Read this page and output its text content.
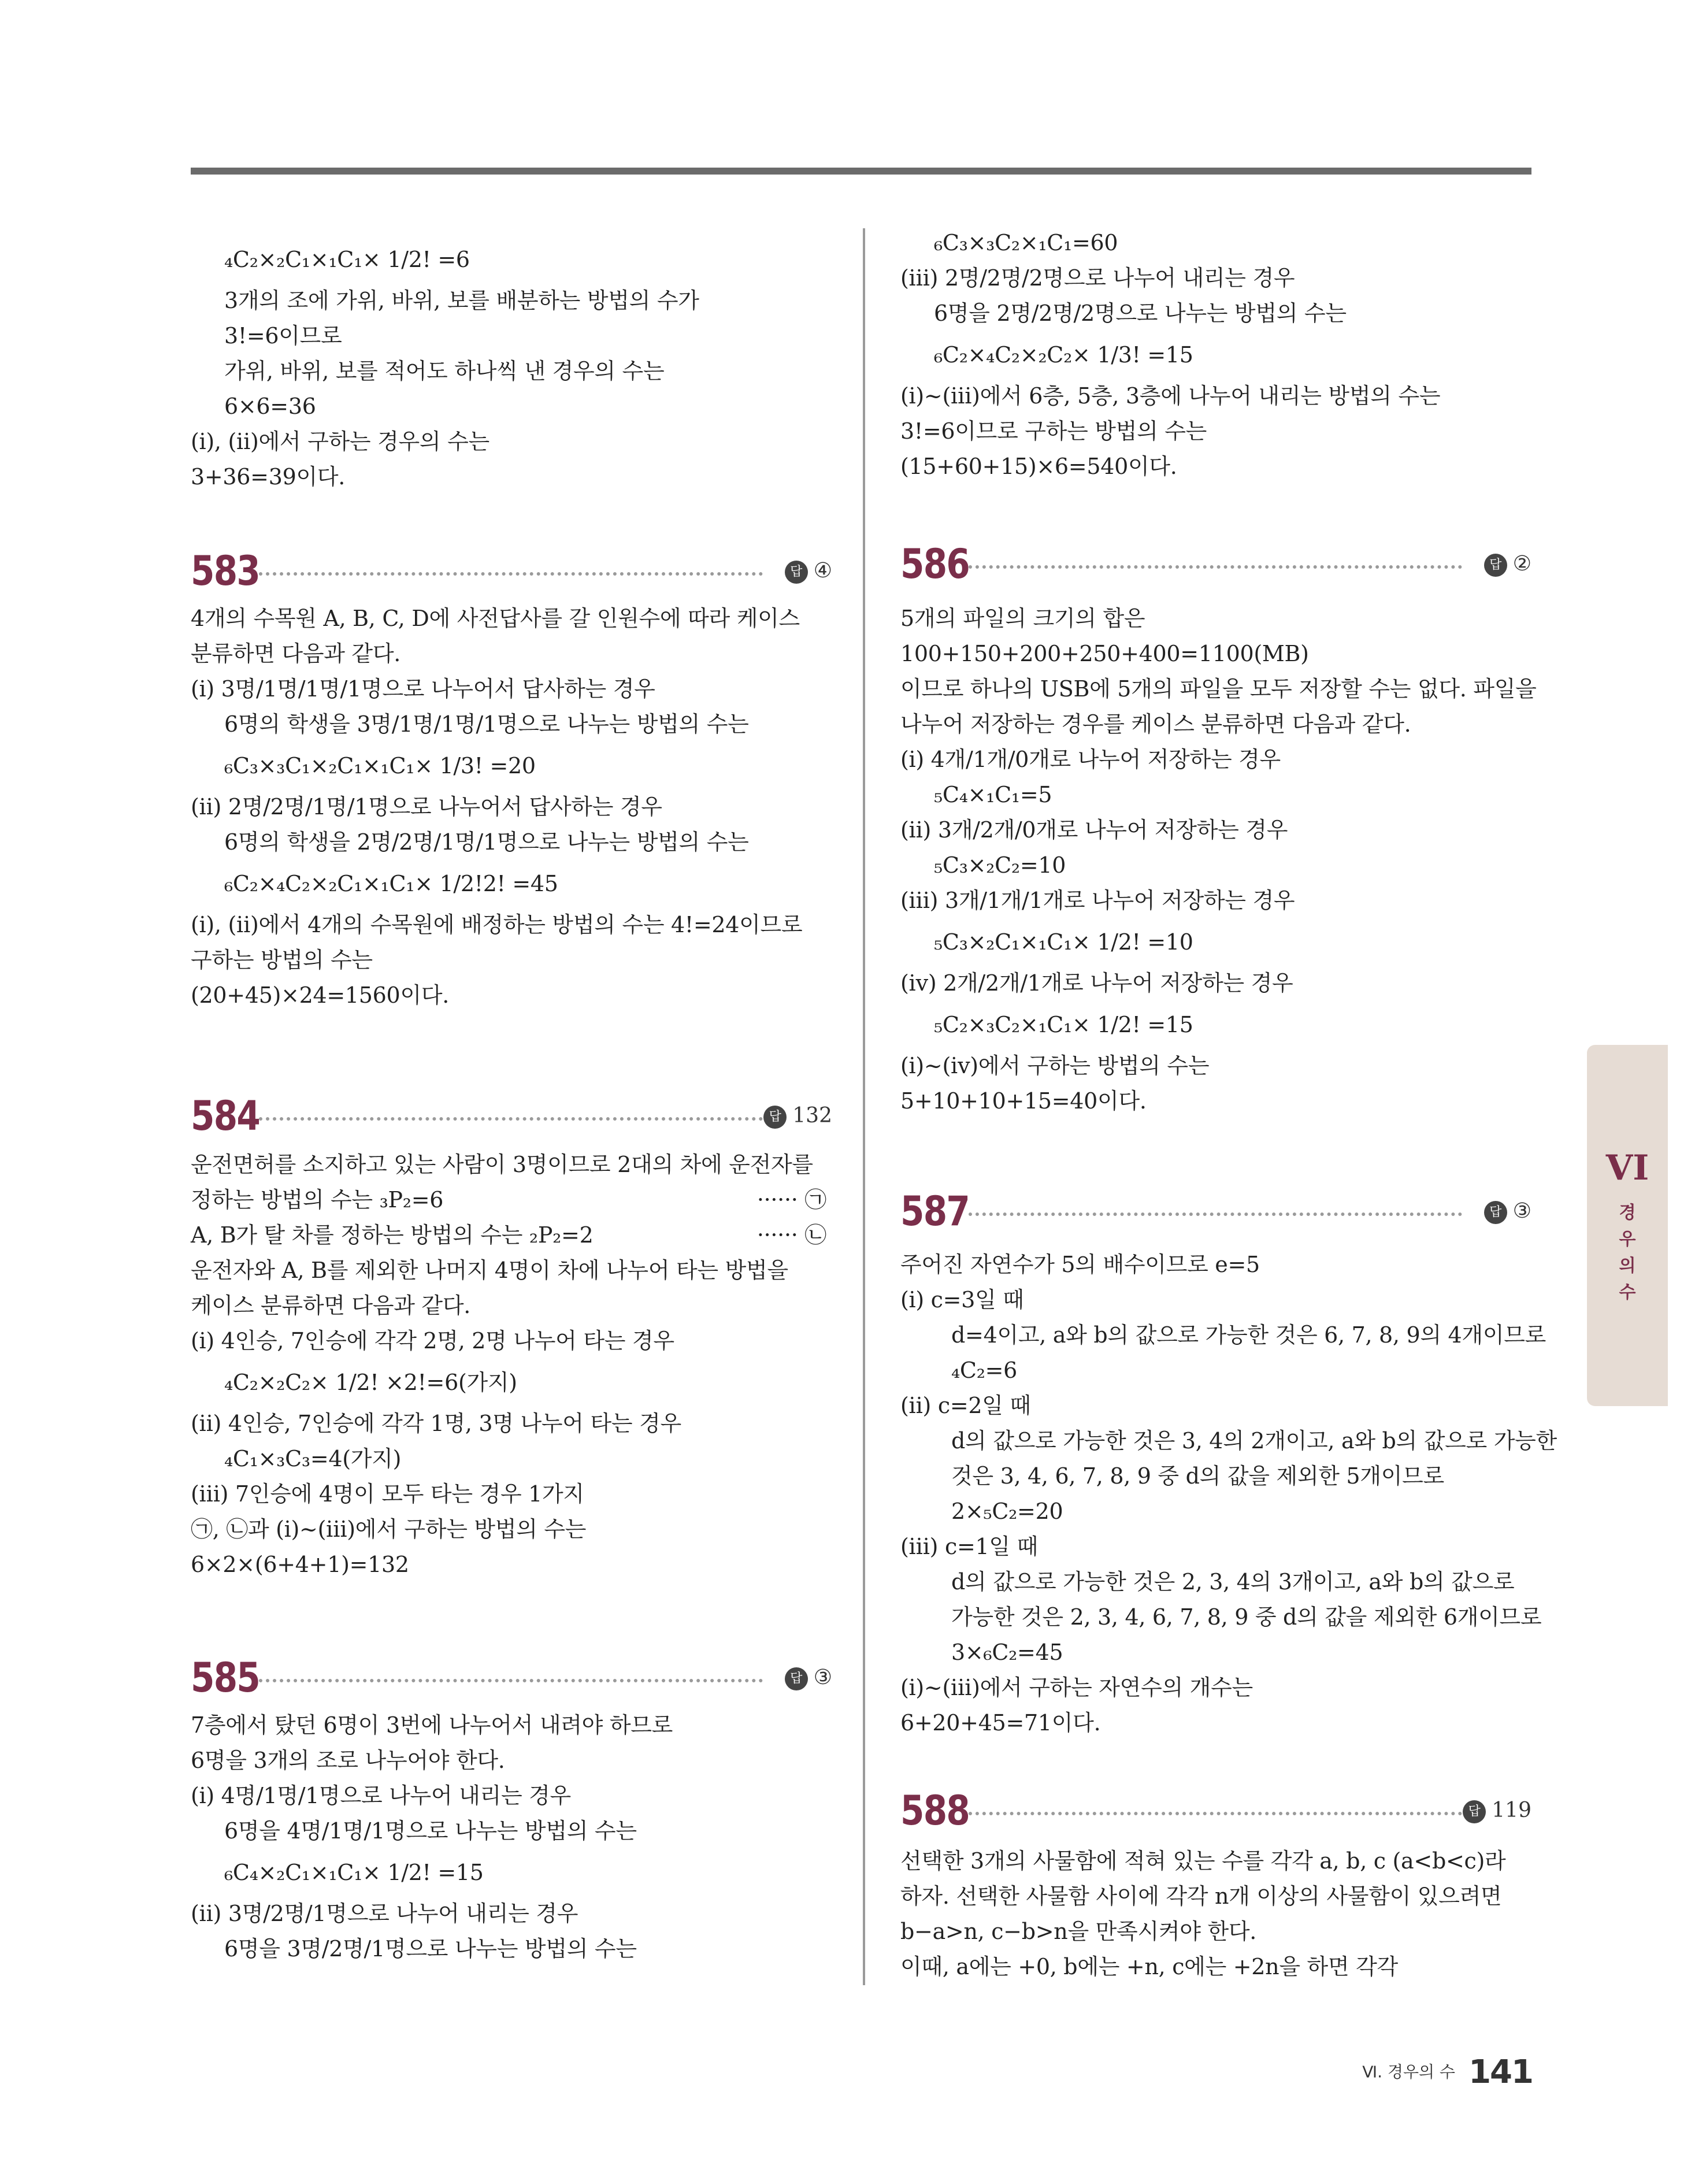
₄C₂×₂C₁×₁C₁× 1/2! =6
3개의 조에 가위, 바위, 보를 배분하는 방법의 수가
3!=6이므로
가위, 바위, 보를 적어도 하나씩 낸 경우의 수는
6×6=36
(ⅰ), (ⅱ)에서 구하는 경우의 수는
3+36=39이다.
583	답 ④
4개의 수목원 A, B, C, D에 사전답사를 갈 인원수에 따라 케이스
분류하면 다음과 같다.
(ⅰ) 3명/1명/1명/1명으로 나누어서 답사하는 경우
6명의 학생을 3명/1명/1명/1명으로 나누는 방법의 수는
₆C₃×₃C₁×₂C₁×₁C₁× 1/3! =20
(ⅱ) 2명/2명/1명/1명으로 나누어서 답사하는 경우
6명의 학생을 2명/2명/1명/1명으로 나누는 방법의 수는
₆C₂×₄C₂×₂C₁×₁C₁× 1/2!2! =45
(ⅰ), (ⅱ)에서 4개의 수목원에 배정하는 방법의 수는 4!=24이므로
구하는 방법의 수는
(20+45)×24=1560이다.
584	답 132
운전면허를 소지하고 있는 사람이 3명이므로 2대의 차에 운전자를
정하는 방법의 수는 ₃P₂=6	······ ㉠
A, B가 탈 차를 정하는 방법의 수는 ₂P₂=2	······ ㉡
운전자와 A, B를 제외한 나머지 4명이 차에 나누어 타는 방법을
케이스 분류하면 다음과 같다.
(ⅰ) 4인승, 7인승에 각각 2명, 2명 나누어 타는 경우
₄C₂×₂C₂× 1/2! ×2!=6(가지)
(ⅱ) 4인승, 7인승에 각각 1명, 3명 나누어 타는 경우
₄C₁×₃C₃=4(가지)
(ⅲ) 7인승에 4명이 모두 타는 경우 1가지
㉠, ㉡과 (ⅰ)~(ⅲ)에서 구하는 방법의 수는
6×2×(6+4+1)=132
585	답 ③
7층에서 탔던 6명이 3번에 나누어서 내려야 하므로
6명을 3개의 조로 나누어야 한다.
(ⅰ) 4명/1명/1명으로 나누어 내리는 경우
6명을 4명/1명/1명으로 나누는 방법의 수는
₆C₄×₂C₁×₁C₁× 1/2! =15
(ⅱ) 3명/2명/1명으로 나누어 내리는 경우
6명을 3명/2명/1명으로 나누는 방법의 수는
₆C₃×₃C₂×₁C₁=60
(ⅲ) 2명/2명/2명으로 나누어 내리는 경우
6명을 2명/2명/2명으로 나누는 방법의 수는
₆C₂×₄C₂×₂C₂× 1/3! =15
(ⅰ)~(ⅲ)에서 6층, 5층, 3층에 나누어 내리는 방법의 수는
3!=6이므로 구하는 방법의 수는
(15+60+15)×6=540이다.
586	답 ②
5개의 파일의 크기의 합은
100+150+200+250+400=1100(MB)
이므로 하나의 USB에 5개의 파일을 모두 저장할 수는 없다. 파일을
나누어 저장하는 경우를 케이스 분류하면 다음과 같다.
(ⅰ) 4개/1개/0개로 나누어 저장하는 경우
₅C₄×₁C₁=5
(ⅱ) 3개/2개/0개로 나누어 저장하는 경우
₅C₃×₂C₂=10
(ⅲ) 3개/1개/1개로 나누어 저장하는 경우
₅C₃×₂C₁×₁C₁× 1/2! =10
(ⅳ) 2개/2개/1개로 나누어 저장하는 경우
₅C₂×₃C₂×₁C₁× 1/2! =15
(ⅰ)~(ⅳ)에서 구하는 방법의 수는
5+10+10+15=40이다.
587	답 ③
주어진 자연수가 5의 배수이므로 e=5
(ⅰ) c=3일 때
d=4이고, a와 b의 값으로 가능한 것은 6, 7, 8, 9의 4개이므로
₄C₂=6
(ⅱ) c=2일 때
d의 값으로 가능한 것은 3, 4의 2개이고, a와 b의 값으로 가능한
것은 3, 4, 6, 7, 8, 9 중 d의 값을 제외한 5개이므로
2×₅C₂=20
(ⅲ) c=1일 때
d의 값으로 가능한 것은 2, 3, 4의 3개이고, a와 b의 값으로
가능한 것은 2, 3, 4, 6, 7, 8, 9 중 d의 값을 제외한 6개이므로
3×₆C₂=45
(ⅰ)~(ⅲ)에서 구하는 자연수의 개수는
6+20+45=71이다.
588	답 119
선택한 3개의 사물함에 적혀 있는 수를 각각 a, b, c (a<b<c)라
하자. 선택한 사물함 사이에 각각 n개 이상의 사물함이 있으려면
b−a>n, c−b>n을 만족시켜야 한다.
이때, a에는 +0, b에는 +n, c에는 +2n을 하면 각각
VI
경
우
의
수
Ⅵ. 경우의 수 141
